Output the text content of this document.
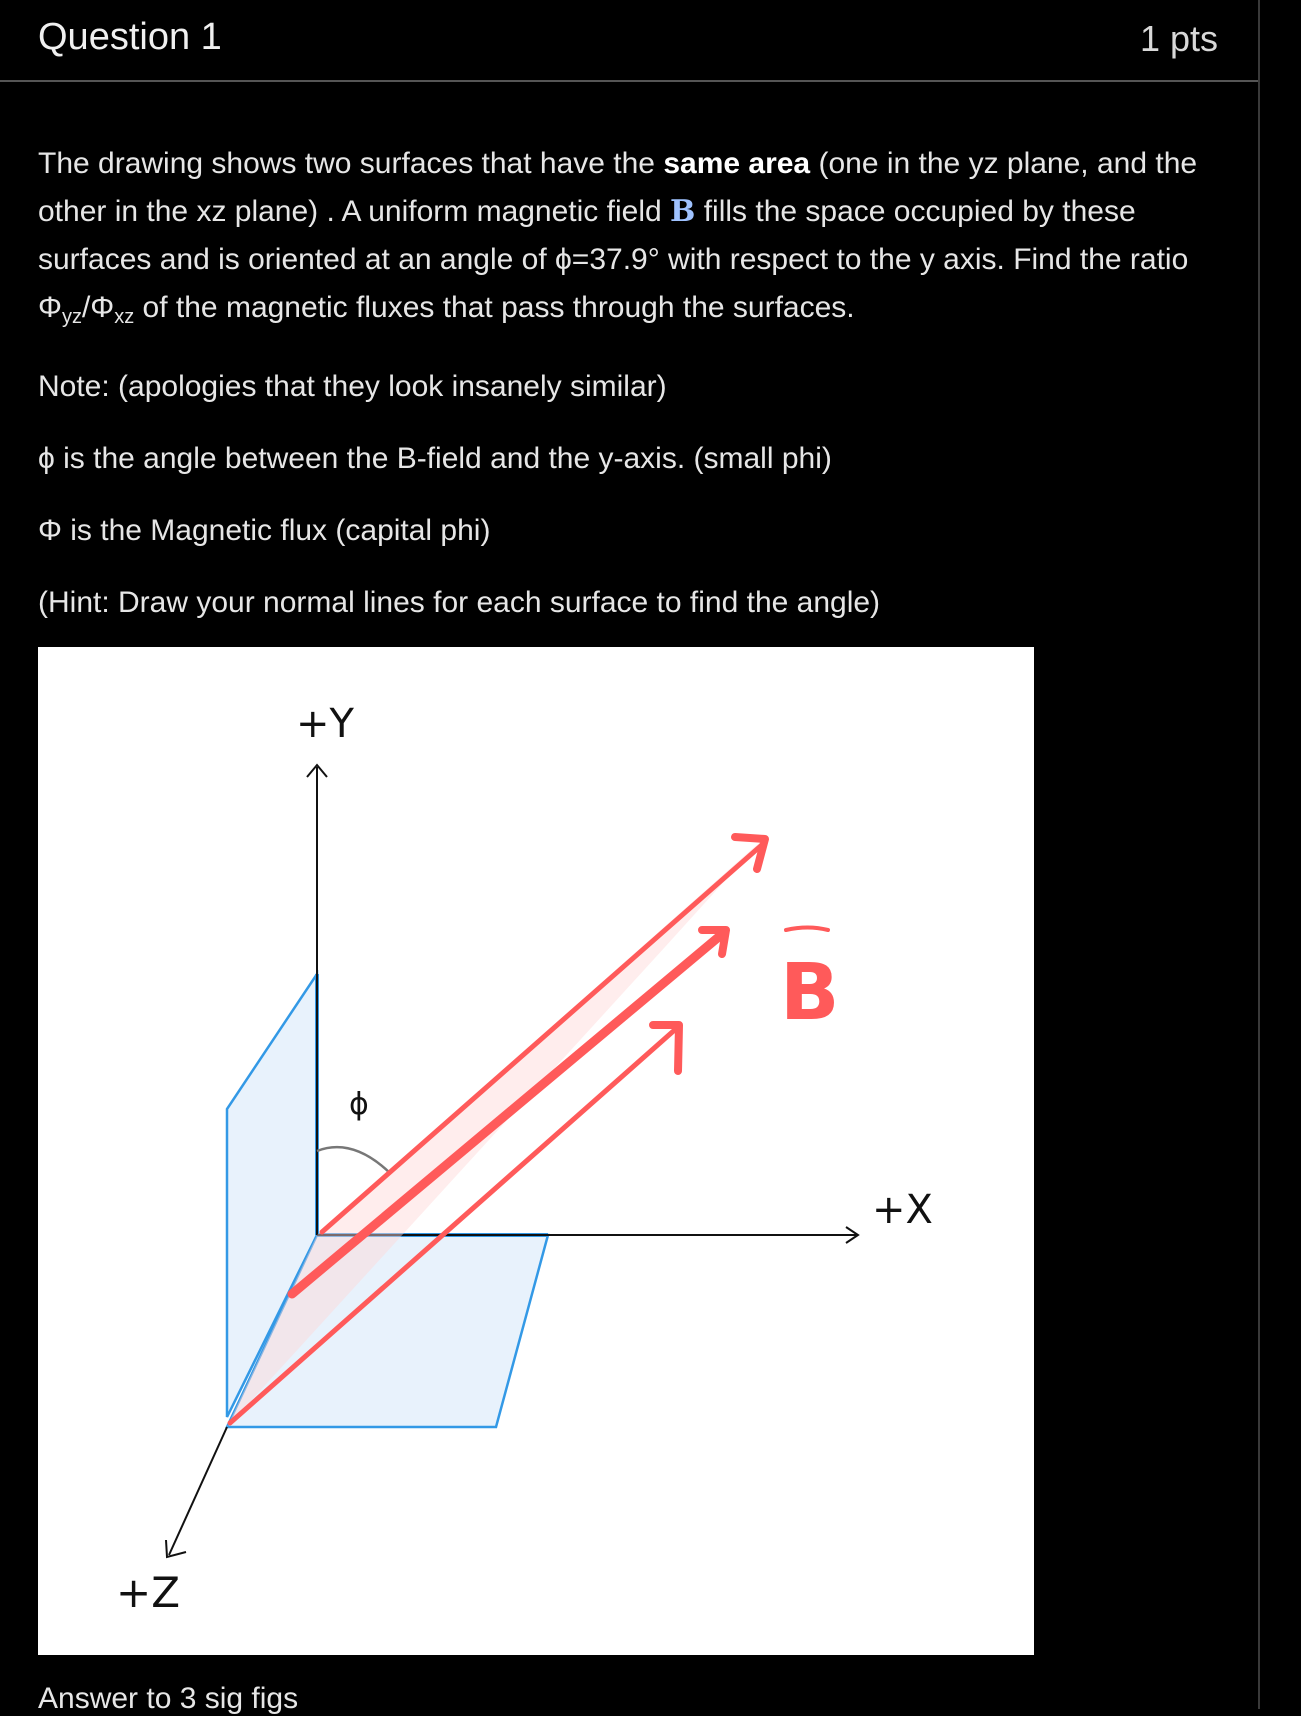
Question 1	1 pts

The drawing shows two surfaces that have the same area (one in the yz plane, and the other in the xz plane) . A uniform magnetic field B fills the space occupied by these surfaces and is oriented at an angle of ϕ=37.9° with respect to the y axis. Find the ratio $\Phi_{yz}/\Phi_{xz}$ of the magnetic fluxes that pass through the surfaces.

Note: (apologies that they look insanely similar)

ϕ is the angle between the B-field and the y-axis. (small phi)

Φ is the Magnetic flux (capital phi)

(Hint: Draw your normal lines for each surface to find the angle)

+Y
+X
+Z
ϕ
B
Answer to 3 sig figs
